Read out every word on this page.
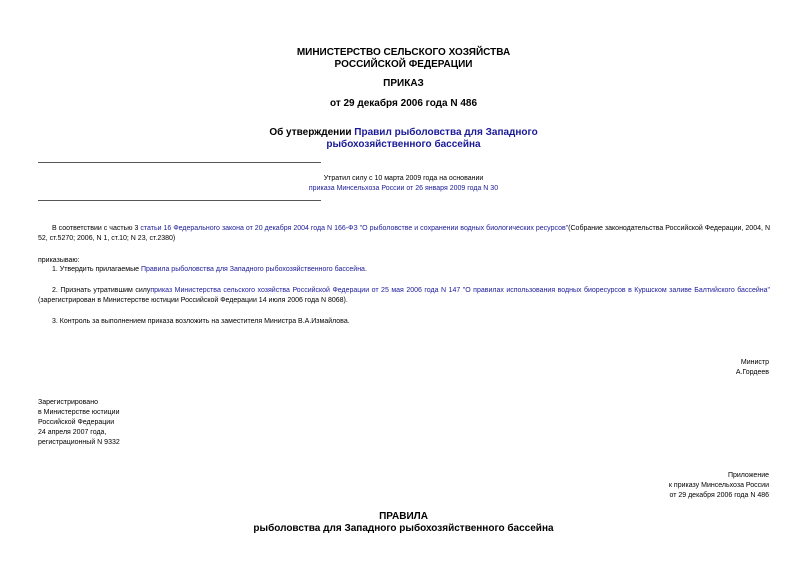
МИНИСТЕРСТВО СЕЛЬСКОГО ХОЗЯЙСТВА
РОССИЙСКОЙ ФЕДЕРАЦИИ
ПРИКАЗ
от 29 декабря 2006 года N 486
Об утверждении Правил рыболовства для Западного
рыбохозяйственного бассейна
Утратил силу с 10 марта 2009 года на основании
приказа Минсельхоза России от 26 января 2009 года N 30
В соответствии с частью 3 статьи 16 Федерального закона от 20 декабря 2004 года N 166-ФЗ "О рыболовстве и сохранении водных биологических ресурсов"(Собрание законодательства Российской Федерации, 2004, N 52, ст.5270; 2006, N 1, ст.10; N 23, ст.2380)
приказываю:
1. Утвердить прилагаемые Правила рыболовства для Западного рыбохозяйственного бассейна.
2. Признать утратившим силуприказ Министерства сельского хозяйства Российской Федерации от 25 мая 2006 года N 147 "О правилах использования водных биоресурсов в Куршском заливе Балтийского бассейна" (зарегистрирован в Министерстве юстиции Российской Федерации 14 июля 2006 года N 8068).
3. Контроль за выполнением приказа возложить на заместителя Министра В.А.Измайлова.
Министр
А.Гордеев
Зарегистрировано
в Министерстве юстиции
Российской Федерации
24 апреля 2007 года,
регистрационный N 9332
Приложение
к приказу Минсельхоза России
от 29 декабря 2006 года N 486
ПРАВИЛА
рыболовства для Западного рыбохозяйственного бассейна
